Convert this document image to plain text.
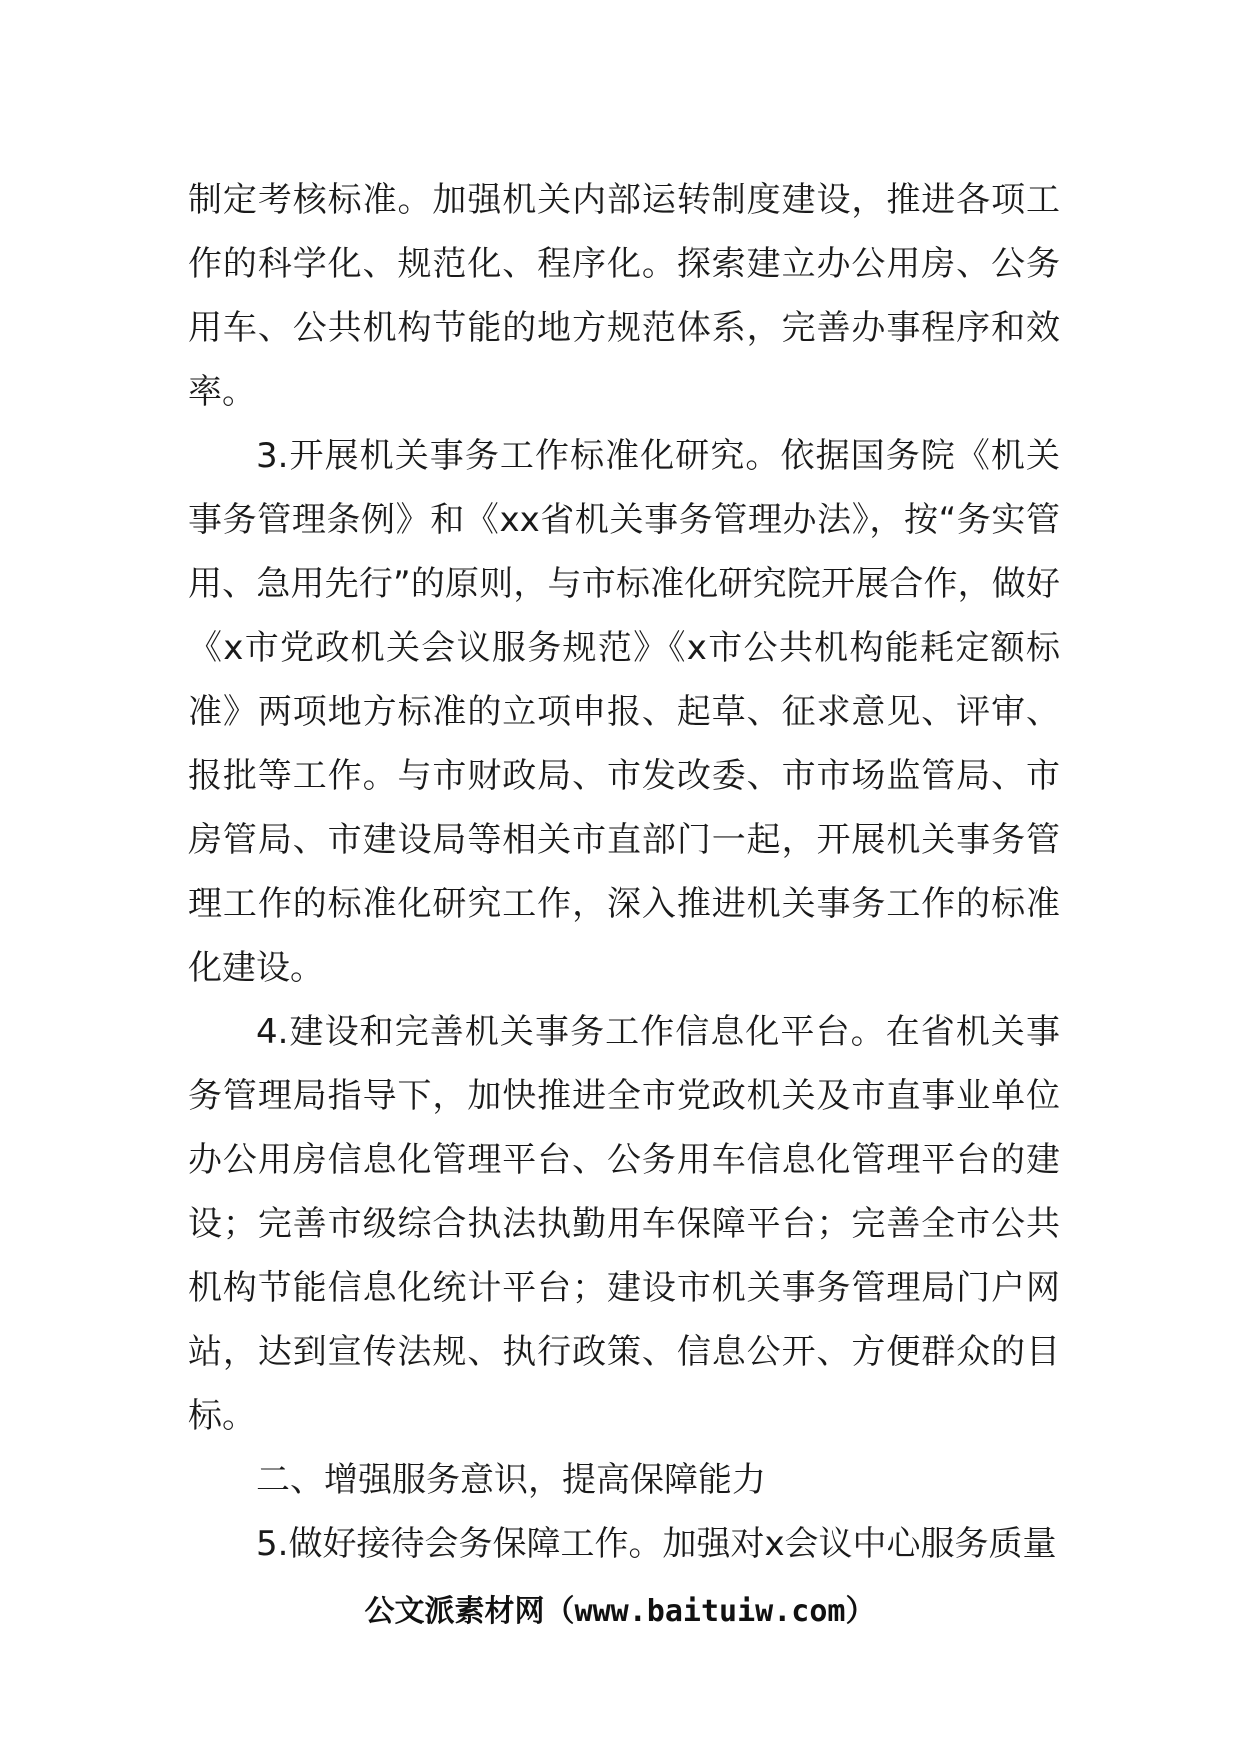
制定考核标准。加强机关内部运转制度建设，推进各项工作的科学化、规范化、程序化。探索建立办公用房、公务用车、公共机构节能的地方规范体系，完善办事程序和效率。

3.开展机关事务工作标准化研究。依据国务院《机关事务管理条例》和《xx省机关事务管理办法》，按“务实管用、急用先行”的原则，与市标准化研究院开展合作，做好《x市党政机关会议服务规范》《x市公共机构能耗定额标准》两项地方标准的立项申报、起草、征求意见、评审、报批等工作。与市财政局、市发改委、市市场监管局、市房管局、市建设局等相关市直部门一起，开展机关事务管理工作的标准化研究工作，深入推进机关事务工作的标准化建设。

4.建设和完善机关事务工作信息化平台。在省机关事务管理局指导下，加快推进全市党政机关及市直事业单位办公用房信息化管理平台、公务用车信息化管理平台的建设；完善市级综合执法执勤用车保障平台；完善全市公共机构节能信息化统计平台；建设市机关事务管理局门户网站，达到宣传法规、执行政策、信息公开、方便群众的目标。

二、增强服务意识，提高保障能力

5.做好接待会务保障工作。加强对x会议中心服务质量

公文派素材网（www.baituiw.com）
